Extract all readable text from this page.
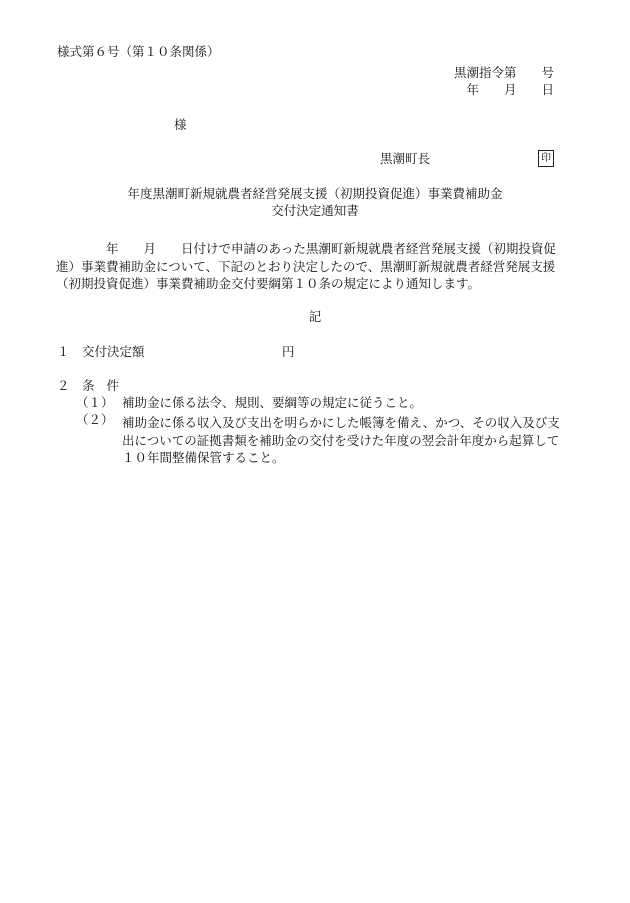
様式第６号（第１０条関係）
黒潮指令第　　号
年　　月　　日
様
黒潮町長	印
年度黒潮町新規就農者経営発展支援（初期投資促進）事業費補助金
交付決定通知書
　　　　年　　月　　日付けで申請のあった黒潮町新規就農者経営発展支援（初期投資促進）事業費補助金について、下記のとおり決定したので、黒潮町新規就農者経営発展支援（初期投資促進）事業費補助金交付要綱第１０条の規定により通知します。
記
１ 交付決定額	円
２ 条件
（１） 補助金に係る法令、規則、要綱等の規定に従うこと。
（２） 補助金に係る収入及び支出を明らかにした帳簿を備え、かつ、その収入及び支出についての証拠書類を補助金の交付を受けた年度の翌会計年度から起算して１０年間整備保管すること。
